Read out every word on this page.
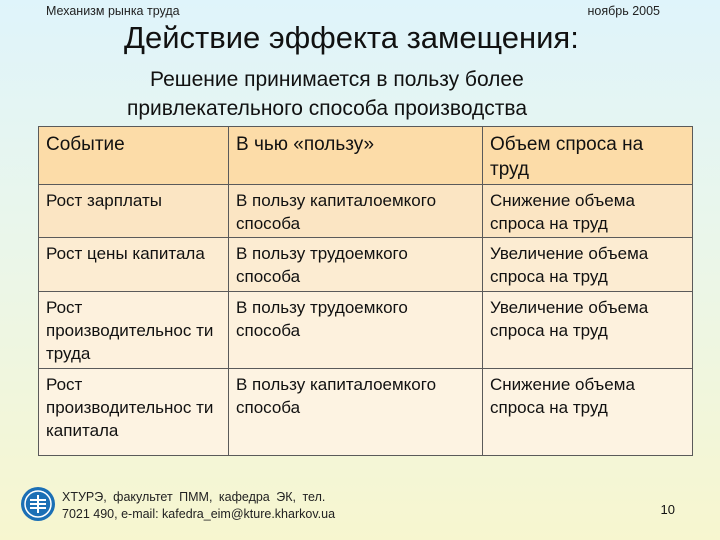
Механизм рынка труда	ноябрь 2005
Действие эффекта замещения:
Решение принимается в пользу более
привлекательного способа производства
Событие	В чью «пользу»	Объем спроса на труд
Рост зарплаты	В пользу капиталоемкого способа	Снижение объема спроса на труд
Рост цены капитала	В пользу трудоемкого способа	Увеличение объема спроса на труд
Рост производительнос ти труда	В пользу трудоемкого способа	Увеличение объема спроса на труд
Рост производительнос ти капитала	В пользу капиталоемкого способа	Снижение объема спроса на труд
ХТУРЭ, факультет ПММ, кафедра ЭК, тел.
7021 490, e-mail: kafedra_eim@kture.kharkov.ua	10
